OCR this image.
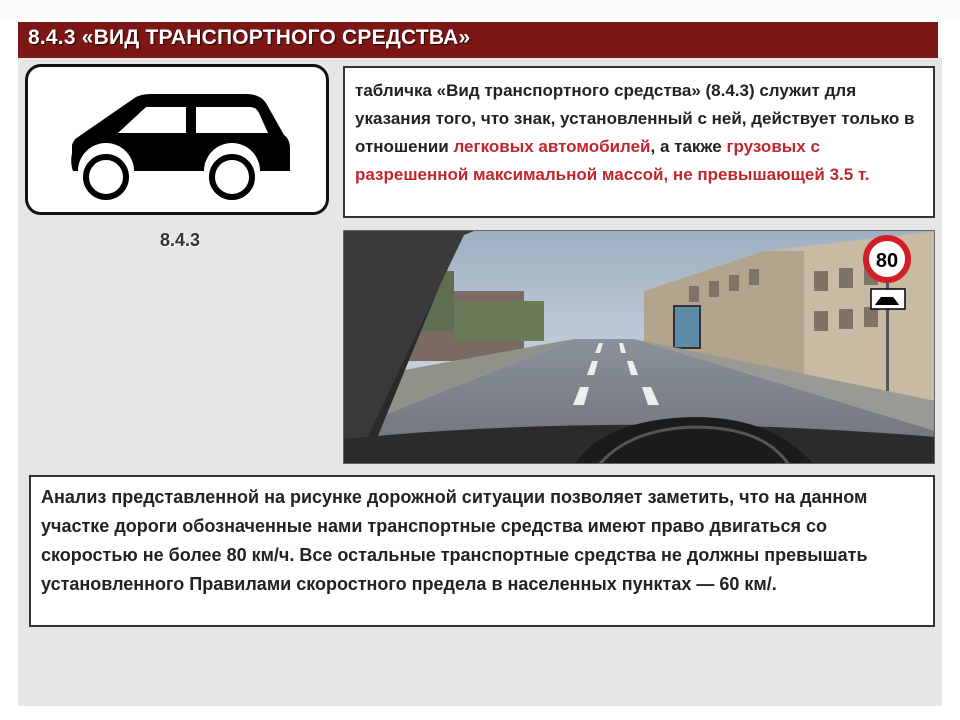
8.4.3 «ВИД ТРАНСПОРТНОГО СРЕДСТВА»
8.4.3
табличка «Вид транспортного средства» (8.4.3) служит для указания того, что знак, установленный с ней, действует только в отношении легковых автомобилей, а также грузовых с разрешенной максимальной массой, не превышающей 3.5 т.
80
Анализ представленной на рисунке дорожной ситуации позволяет заметить, что на данном участке дороги обозначенные нами транспортные средства имеют право двигаться со скоростью не более 80 км/ч. Все остальные транспортные средства не должны превышать установленного Правилами скоростного предела в населенных пунктах — 60 км/.
